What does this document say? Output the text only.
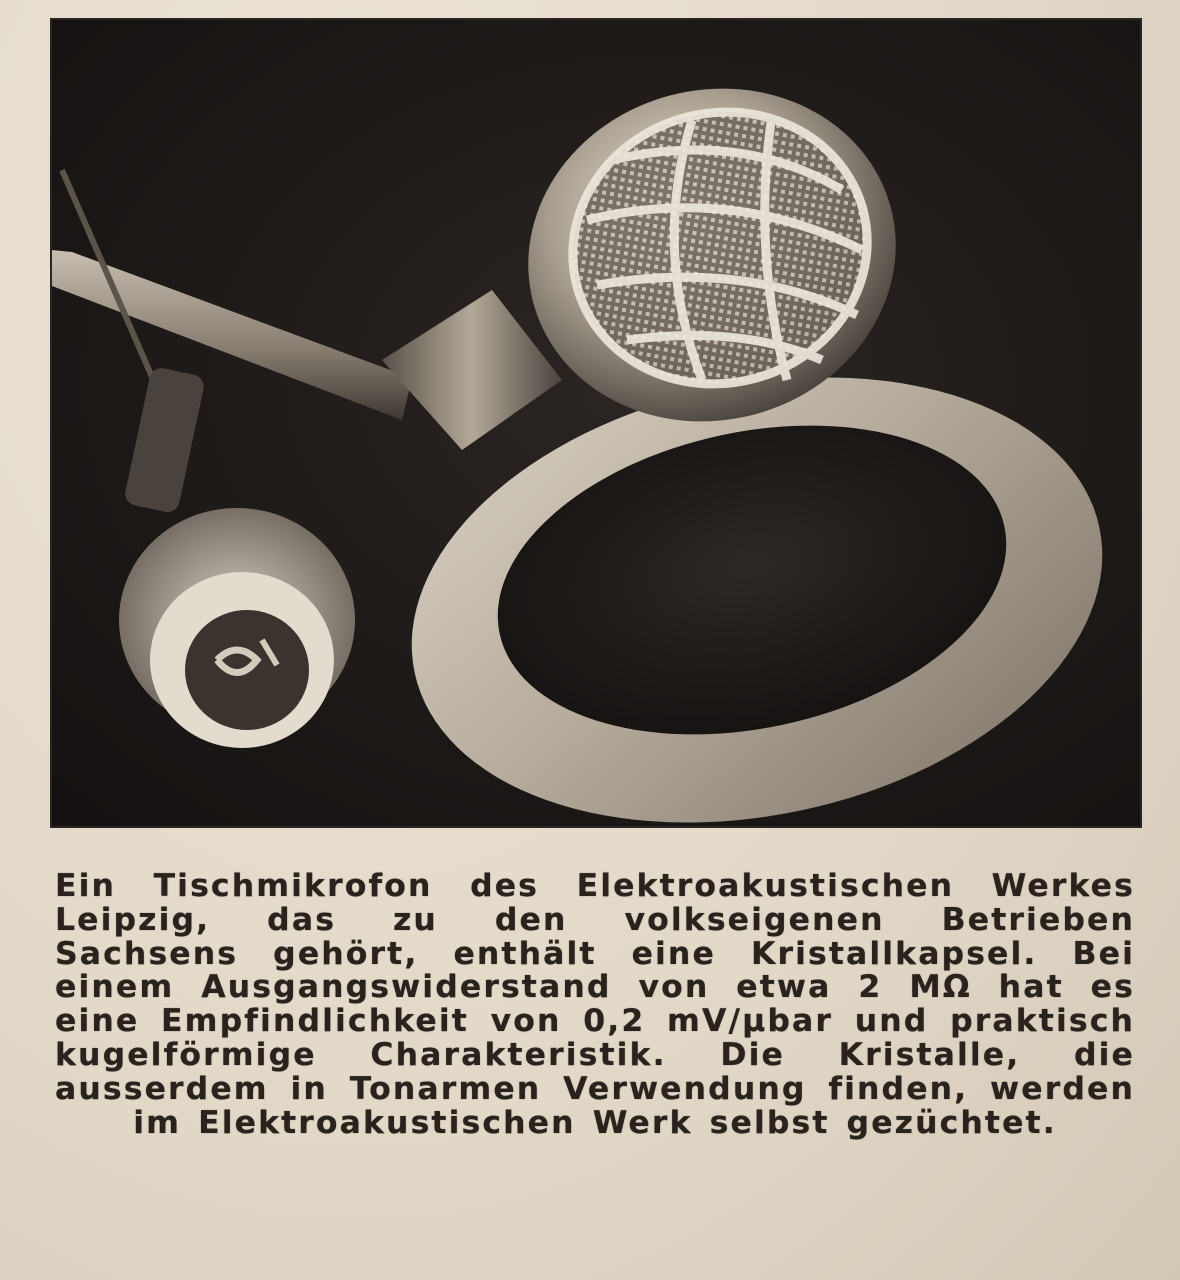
Ein Tischmikrofon des Elektroakustischen Werkes Leipzig, das zu den volkseigenen Betrieben Sachsens gehört, enthält eine Kristallkapsel. Bei einem Ausgangswiderstand von etwa 2 MΩ hat es eine Empfindlichkeit von 0,2 mV/µbar und praktisch kugelförmige Charakteristik. Die Kristalle, die ausserdem in Tonarmen Verwendung finden, werden im Elektroakustischen Werk selbst gezüchtet.
